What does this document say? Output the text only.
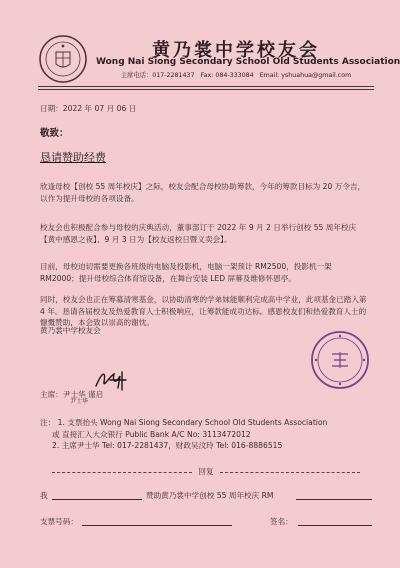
黄乃裳中学校友会
Wong Nai Siong Secondary School Old Students Association
主席电话：017-2281437 Fax: 084-333084 Email: yshuahua@gmail.com
日期：2022 年 07 月 06 日
敬致：
恳请赞助经费
欣逢母校【创校 55 周年校庆】之际，校友会配合母校协助筹款，今年的筹款目标为 20 万令吉，以作为提升母校的各项设备。
校友会也积极配合参与母校的庆典活动，董事部订于 2022 年 9 月 2 日举行创校 55 周年校庆【黄中感恩之夜】、9 月 3 日为【校友返校日暨义卖会】。
目前，母校迫切需要更换各班级的电脑及投影机，电脑一架预计 RM2500，投影机一架 RM2000；提升母校综合体育馆设备，在舞台安装 LED 屏幕及维修怀恩亭。
同时，校友会也正在筹募清寒基金，以协助清寒的学弟妹能顺利完成高中学业，此项基金已踏入第 4 年。恳请各届校友及热爱教育人士积极响应，让筹款能成功达标。感恩校友们和热爱教育人士的慷慨赞助，本会致以崇高的谢忱。
黄乃裳中学校友会
主席：尹士华 谨启
尹士华
注： 1. 支票抬头 Wong Nai Siong Secondary School Old Students Association
或 直接汇入大众银行 Public Bank A/C No: 3113472012
2. 主席尹士华 Tel: 017-2281437，财政吴汶玲 Tel: 016-8886515
回复
我	赞助黄乃裳中学创校 55 周年校庆 RM
支票号码：	签名：
